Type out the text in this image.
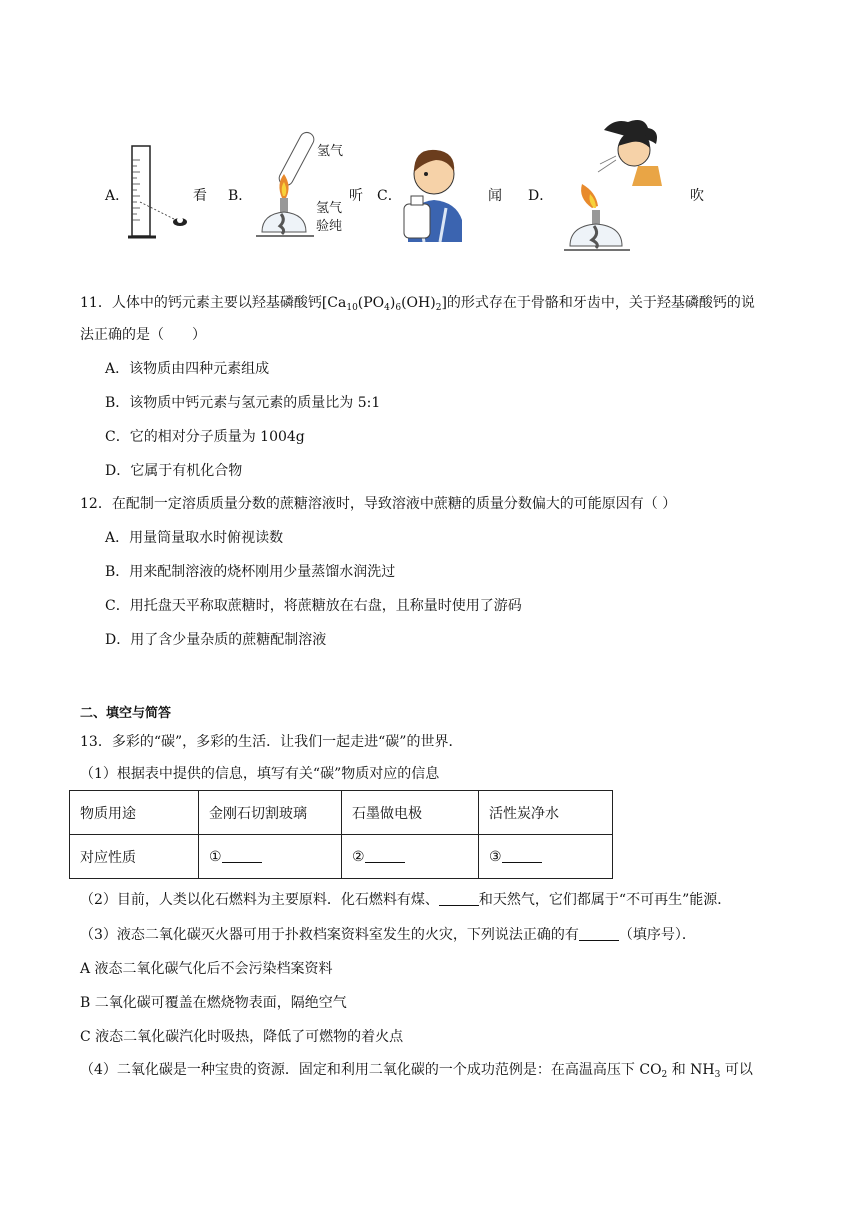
A．	看 B．
氢气
氢气
验纯
听 C．	闻 D．	吹
11．人体中的钙元素主要以羟基磷酸钙$[Ca_{10}(PO_4)_6(OH)_2]$的形式存在于骨骼和牙齿中，关于羟基磷酸钙的说
法正确的是（　　）
A．该物质由四种元素组成
B．该物质中钙元素与氢元素的质量比为 5:1
C．它的相对分子质量为 1004g
D．它属于有机化合物
12．在配制一定溶质质量分数的蔗糖溶液时，导致溶液中蔗糖的质量分数偏大的可能原因有（ ）
A．用量筒量取水时俯视读数
B．用来配制溶液的烧杯刚用少量蒸馏水润洗过
C．用托盘天平称取蔗糖时，将蔗糖放在右盘，且称量时使用了游码
D．用了含少量杂质的蔗糖配制溶液
二、填空与简答
13．多彩的“碳”，多彩的生活．让我们一起走进“碳”的世界．
（1）根据表中提供的信息，填写有关“碳”物质对应的信息
物质用途	金刚石切割玻璃	石墨做电极	活性炭净水
对应性质	①	②	③
（2）目前，人类以化石燃料为主要原料．化石燃料有煤、	和天然气，它们都属于“不可再生”能源．
（3）液态二氧化碳灭火器可用于扑救档案资料室发生的火灾，下列说法正确的有	（填序号）．
A 液态二氧化碳气化后不会污染档案资料
B 二氧化碳可覆盖在燃烧物表面，隔绝空气
C 液态二氧化碳汽化时吸热，降低了可燃物的着火点
（4）二氧化碳是一种宝贵的资源．固定和利用二氧化碳的一个成功范例是：在高温高压下 $CO_2$ 和 $NH_3$ 可以
